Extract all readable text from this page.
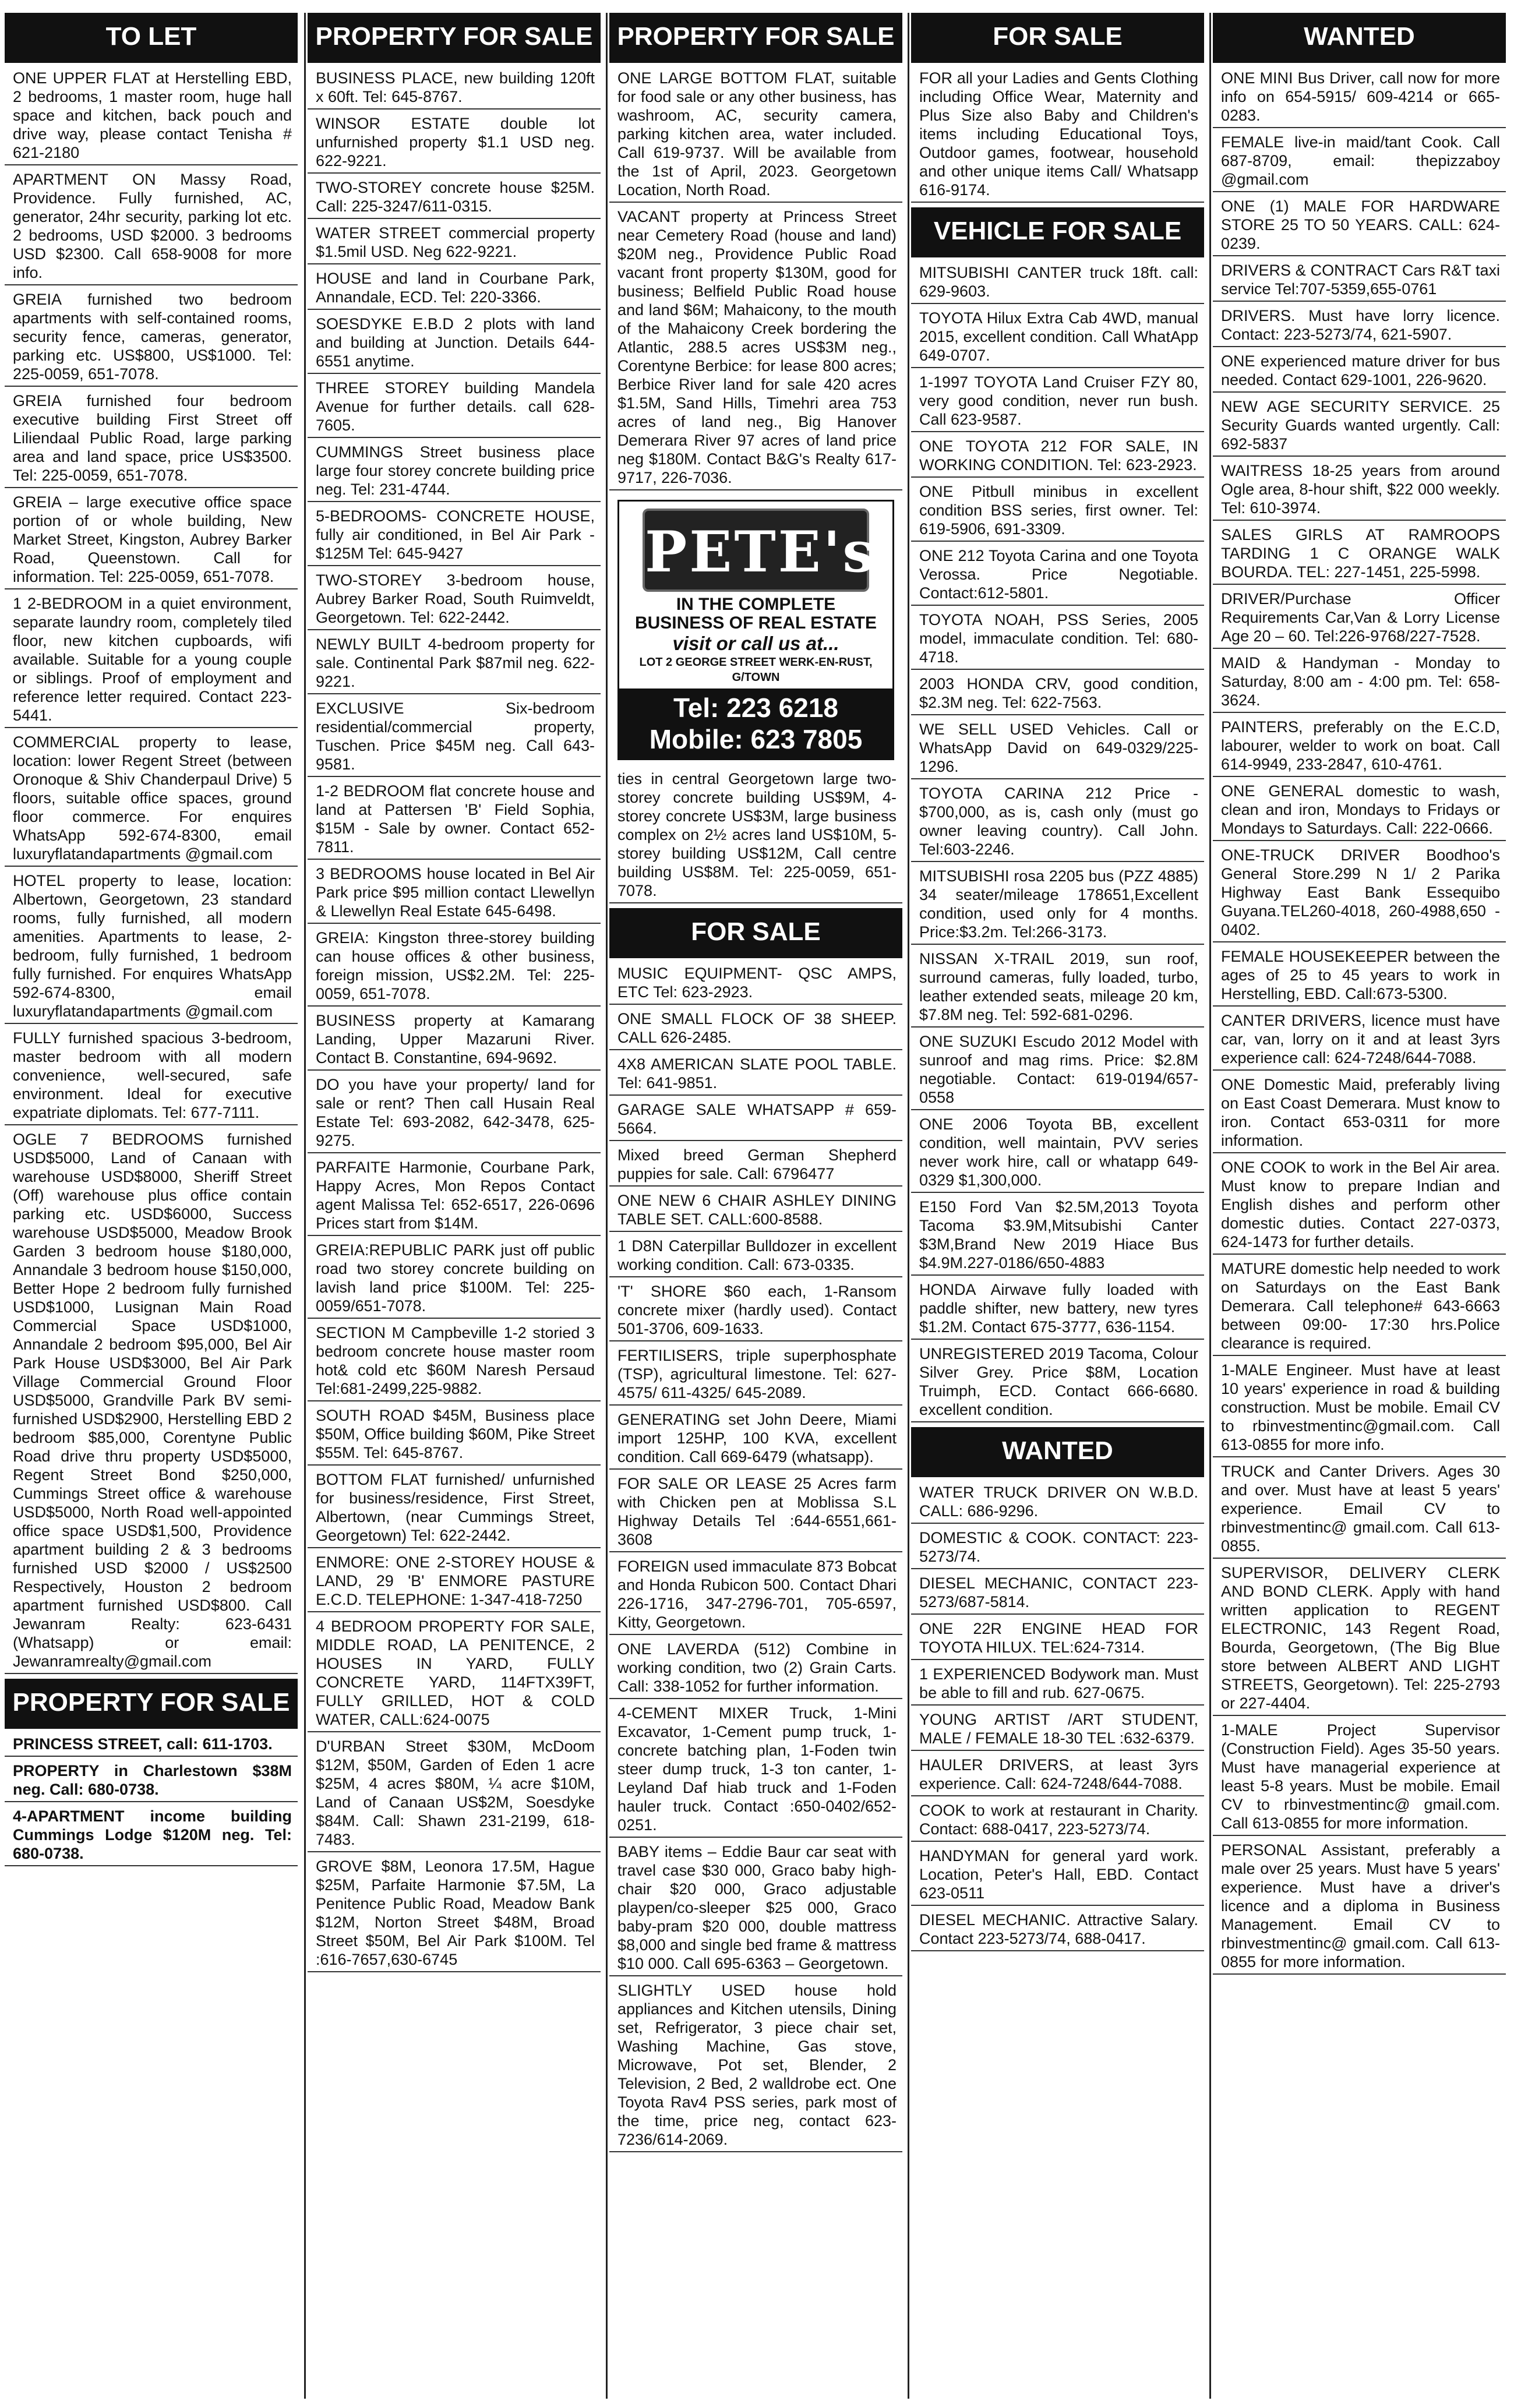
TO LET
ONE UPPER FLAT at Herstelling EBD, 2 bedrooms, 1 master room, huge hall space and kitchen, back pouch and drive way, please contact Tenisha # 621-2180
APARTMENT ON Massy Road, Providence. Fully furnished, AC, generator, 24hr security, parking lot etc. 2 bedrooms, USD $2000. 3 bedrooms USD $2300. Call 658-9008 for more info.
GREIA furnished two bedroom apartments with self-contained rooms, security fence, cameras, generator, parking etc. US$800, US$1000. Tel: 225-0059, 651-7078.
GREIA furnished four bedroom executive building First Street off Liliendaal Public Road, large parking area and land space, price US$3500. Tel: 225-0059, 651-7078.
GREIA – large executive office space portion of or whole building, New Market Street, Kingston, Aubrey Barker Road, Queenstown. Call for information. Tel: 225-0059, 651-7078.
1 2-BEDROOM in a quiet environment, separate laundry room, completely tiled floor, new kitchen cupboards, wifi available. Suitable for a young couple or siblings. Proof of employment and reference letter required. Contact 223-5441.
COMMERCIAL property to lease, location: lower Regent Street (between Oronoque & Shiv Chanderpaul Drive) 5 floors, suitable office spaces, ground floor commerce. For enquires WhatsApp 592-674-8300, email luxuryflatandapartments @gmail.com
HOTEL property to lease, location: Albertown, Georgetown, 23 standard rooms, fully furnished, all modern amenities. Apartments to lease, 2-bedroom, fully furnished, 1 bedroom fully furnished. For enquires WhatsApp 592-674-8300, email luxuryflatandapartments @gmail.com
FULLY furnished spacious 3-bedroom, master bedroom with all modern convenience, well-secured, safe environment. Ideal for executive expatriate diplomats. Tel: 677-7111.
OGLE 7 BEDROOMS furnished USD$5000, Land of Canaan with warehouse USD$8000, Sheriff Street (Off) warehouse plus office contain parking etc. USD$6000, Success warehouse USD$5000, Meadow Brook Garden 3 bedroom house $180,000, Annandale 3 bedroom house $150,000, Better Hope 2 bedroom fully furnished USD$1000, Lusignan Main Road Commercial Space USD$1000, Annandale 2 bedroom $95,000, Bel Air Park House USD$3000, Bel Air Park Village Commercial Ground Floor USD$5000, Grandville Park BV semi- furnished USD$2900, Herstelling EBD 2 bedroom $85,000, Corentyne Public Road drive thru property USD$5000, Regent Street Bond $250,000, Cummings Street office & warehouse USD$5000, North Road well-appointed office space USD$1,500, Providence apartment building 2 & 3 bedrooms furnished USD $2000 / US$2500 Respectively, Houston 2 bedroom apartment furnished USD$800. Call Jewanram Realty: 623-6431 (Whatsapp) or email: Jewanramrealty@gmail.com
PROPERTY FOR SALE
PRINCESS STREET, call: 611-1703.
PROPERTY in Charlestown $38M neg. Call: 680-0738.
4-APARTMENT income building Cummings Lodge $120M neg. Tel: 680-0738.
PROPERTY FOR SALE
BUSINESS PLACE, new building 120ft x 60ft. Tel: 645-8767.
WINSOR ESTATE double lot unfurnished property $1.1 USD neg. 622-9221.
TWO-STOREY concrete house $25M. Call: 225-3247/611-0315.
WATER STREET commercial property $1.5mil USD. Neg 622-9221.
HOUSE and land in Courbane Park, Annandale, ECD. Tel: 220-3366.
SOESDYKE E.B.D 2 plots with land and building at Junction. Details 644-6551 anytime.
THREE STOREY building Mandela Avenue for further details. call 628-7605.
CUMMINGS Street business place large four storey concrete building price neg. Tel: 231-4744.
5-BEDROOMS- CONCRETE HOUSE, fully air conditioned, in Bel Air Park - $125M Tel: 645-9427
TWO-STOREY 3-bedroom house, Aubrey Barker Road, South Ruimveldt, Georgetown. Tel: 622-2442.
NEWLY BUILT 4-bedroom property for sale. Continental Park $87mil neg. 622-9221.
EXCLUSIVE Six-bedroom residential/commercial property, Tuschen. Price $45M neg. Call 643-9581.
1-2 BEDROOM flat concrete house and land at Pattersen 'B' Field Sophia, $15M - Sale by owner. Contact 652-7811.
3 BEDROOMS house located in Bel Air Park price $95 million contact Llewellyn & Llewellyn Real Estate 645-6498.
GREIA: Kingston three-storey building can house offices & other business, foreign mission, US$2.2M. Tel: 225-0059, 651-7078.
BUSINESS property at Kamarang Landing, Upper Mazaruni River. Contact B. Constantine, 694-9692.
DO you have your property/ land for sale or rent? Then call Husain Real Estate Tel: 693-2082, 642-3478, 625-9275.
PARFAITE Harmonie, Courbane Park, Happy Acres, Mon Repos Contact agent Malissa Tel: 652-6517, 226-0696 Prices start from $14M.
GREIA:REPUBLIC PARK just off public road two storey concrete building on lavish land price $100M. Tel: 225-0059/651-7078.
SECTION M Campbeville 1-2 storied 3 bedroom concrete house master room hot& cold etc $60M Naresh Persaud Tel:681-2499,225-9882.
SOUTH ROAD $45M, Business place $50M, Office building $60M, Pike Street $55M. Tel: 645-8767.
BOTTOM FLAT furnished/ unfurnished for business/residence, First Street, Albertown, (near Cummings Street, Georgetown) Tel: 622-2442.
ENMORE: ONE 2-STOREY HOUSE & LAND, 29 'B' ENMORE PASTURE E.C.D. TELEPHONE: 1-347-418-7250
4 BEDROOM PROPERTY FOR SALE, MIDDLE ROAD, LA PENITENCE, 2 HOUSES IN YARD, FULLY CONCRETE YARD, 114FTX39FT, FULLY GRILLED, HOT & COLD WATER, CALL:624-0075
D'URBAN Street $30M, McDoom $12M, $50M, Garden of Eden 1 acre $25M, 4 acres $80M, ¼ acre $10M, Land of Canaan US$2M, Soesdyke $84M. Call: Shawn 231-2199, 618-7483.
GROVE $8M, Leonora 17.5M, Hague $25M, Parfaite Harmonie $7.5M, La Penitence Public Road, Meadow Bank $12M, Norton Street $48M, Broad Street $50M, Bel Air Park $100M. Tel :616-7657,630-6745
PROPERTY FOR SALE
ONE LARGE BOTTOM FLAT, suitable for food sale or any other business, has washroom, AC, security camera, parking kitchen area, water included. Call 619-9737. Will be available from the 1st of April, 2023. Georgetown Location, North Road.
VACANT property at Princess Street near Cemetery Road (house and land) $20M neg., Providence Public Road vacant front property $130M, good for business; Belfield Public Road house and land $6M; Mahaicony, to the mouth of the Mahaicony Creek bordering the Atlantic, 288.5 acres US$3M neg., Corentyne Berbice: for lease 800 acres; Berbice River land for sale 420 acres $1.5M, Sand Hills, Timehri area 753 acres of land neg., Big Hanover Demerara River 97 acres of land price neg $180M. Contact B&G's Realty 617-9717, 226-7036.
PETE's
IN THE COMPLETE
BUSINESS OF REAL ESTATE
visit or call us at...
LOT 2 GEORGE STREET WERK-EN-RUST, G/TOWN
Tel: 223 6218
Mobile: 623 7805
ties in central Georgetown large two-storey concrete building US$9M, 4-storey concrete US$3M, large business complex on 2½ acres land US$10M, 5-storey building US$12M, Call centre building US$8M. Tel: 225-0059, 651-7078.
FOR SALE
MUSIC EQUIPMENT- QSC AMPS, ETC Tel: 623-2923.
ONE SMALL FLOCK OF 38 SHEEP. CALL 626-2485.
4X8 AMERICAN SLATE POOL TABLE. Tel: 641-9851.
GARAGE SALE WHATSAPP # 659-5664.
Mixed breed German Shepherd puppies for sale. Call: 6796477
ONE NEW 6 CHAIR ASHLEY DINING TABLE SET. CALL:600-8588.
1 D8N Caterpillar Bulldozer in excellent working condition. Call: 673-0335.
'T' SHORE $60 each, 1-Ransom concrete mixer (hardly used). Contact 501-3706, 609-1633.
FERTILISERS, triple superphosphate (TSP), agricultural limestone. Tel: 627-4575/ 611-4325/ 645-2089.
GENERATING set John Deere, Miami import 125HP, 100 KVA, excellent condition. Call 669-6479 (whatsapp).
FOR SALE OR LEASE 25 Acres farm with Chicken pen at Moblissa S.L Highway Details Tel :644-6551,661-3608
FOREIGN used immaculate 873 Bobcat and Honda Rubicon 500. Contact Dhari 226-1716, 347-2796-701, 705-6597, Kitty, Georgetown.
ONE LAVERDA (512) Combine in working condition, two (2) Grain Carts. Call: 338-1052 for further information.
4-CEMENT MIXER Truck, 1-Mini Excavator, 1-Cement pump truck, 1-concrete batching plan, 1-Foden twin steer dump truck, 1-3 ton canter, 1-Leyland Daf hiab truck and 1-Foden hauler truck. Contact :650-0402/652-0251.
BABY items – Eddie Baur car seat with travel case $30 000, Graco baby high-chair $20 000, Graco adjustable playpen/co-sleeper $25 000, Graco baby-pram $20 000, double mattress $8,000 and single bed frame & mattress $10 000. Call 695-6363 – Georgetown.
SLIGHTLY USED house hold appliances and Kitchen utensils, Dining set, Refrigerator, 3 piece chair set, Washing Machine, Gas stove, Microwave, Pot set, Blender, 2 Television, 2 Bed, 2 walldrobe ect. One Toyota Rav4 PSS series, park most of the time, price neg, contact 623-7236/614-2069.
FOR SALE
FOR all your Ladies and Gents Clothing including Office Wear, Maternity and Plus Size also Baby and Children's items including Educational Toys, Outdoor games, footwear, household and other unique items Call/ Whatsapp 616-9174.
VEHICLE FOR SALE
MITSUBISHI CANTER truck 18ft. call: 629-9603.
TOYOTA Hilux Extra Cab 4WD, manual 2015, excellent condition. Call WhatApp 649-0707.
1-1997 TOYOTA Land Cruiser FZY 80, very good condition, never run bush. Call 623-9587.
ONE TOYOTA 212 FOR SALE, IN WORKING CONDITION. Tel: 623-2923.
ONE Pitbull minibus in excellent condition BSS series, first owner. Tel: 619-5906, 691-3309.
ONE 212 Toyota Carina and one Toyota Verossa. Price Negotiable. Contact:612-5801.
TOYOTA NOAH, PSS Series, 2005 model, immaculate condition. Tel: 680-4718.
2003 HONDA CRV, good condition, $2.3M neg. Tel: 622-7563.
WE SELL USED Vehicles. Call or WhatsApp David on 649-0329/225-1296.
TOYOTA CARINA 212 Price - $700,000, as is, cash only (must go owner leaving country). Call John. Tel:603-2246.
MITSUBISHI rosa 2205 bus (PZZ 4885) 34 seater/mileage 178651,Excellent condition, used only for 4 months. Price:$3.2m. Tel:266-3173.
NISSAN X-TRAIL 2019, sun roof, surround cameras, fully loaded, turbo, leather extended seats, mileage 20 km, $7.8M neg. Tel: 592-681-0296.
ONE SUZUKI Escudo 2012 Model with sunroof and mag rims. Price: $2.8M negotiable. Contact: 619-0194/657-0558
ONE 2006 Toyota BB, excellent condition, well maintain, PVV series never work hire, call or whatapp 649-0329 $1,300,000.
E150 Ford Van $2.5M,2013 Toyota Tacoma $3.9M,Mitsubishi Canter $3M,Brand New 2019 Hiace Bus $4.9M.227-0186/650-4883
HONDA Airwave fully loaded with paddle shifter, new battery, new tyres $1.2M. Contact 675-3777, 636-1154.
UNREGISTERED 2019 Tacoma, Colour Silver Grey. Price $8M, Location Truimph, ECD. Contact 666-6680. excellent condition.
WANTED
WATER TRUCK DRIVER ON W.B.D. CALL: 686-9296.
DOMESTIC & COOK. CONTACT: 223-5273/74.
DIESEL MECHANIC, CONTACT 223-5273/687-5814.
ONE 22R ENGINE HEAD FOR TOYOTA HILUX. TEL:624-7314.
1 EXPERIENCED Bodywork man. Must be able to fill and rub. 627-0675.
YOUNG ARTIST /ART STUDENT, MALE / FEMALE 18-30 TEL :632-6379.
HAULER DRIVERS, at least 3yrs experience. Call: 624-7248/644-7088.
COOK to work at restaurant in Charity. Contact: 688-0417, 223-5273/74.
HANDYMAN for general yard work. Location, Peter's Hall, EBD. Contact 623-0511
DIESEL MECHANIC. Attractive Salary. Contact 223-5273/74, 688-0417.
WANTED
ONE MINI Bus Driver, call now for more info on 654-5915/ 609-4214 or 665-0283.
FEMALE live-in maid/tant Cook. Call 687-8709, email: thepizzaboy @gmail.com
ONE (1) MALE FOR HARDWARE STORE 25 TO 50 YEARS. CALL: 624-0239.
DRIVERS & CONTRACT Cars R&T taxi service Tel:707-5359,655-0761
DRIVERS. Must have lorry licence. Contact: 223-5273/74, 621-5907.
ONE experienced mature driver for bus needed. Contact 629-1001, 226-9620.
NEW AGE SECURITY SERVICE. 25 Security Guards wanted urgently. Call: 692-5837
WAITRESS 18-25 years from around Ogle area, 8-hour shift, $22 000 weekly. Tel: 610-3974.
SALES GIRLS AT RAMROOPS TARDING 1 C ORANGE WALK BOURDA. TEL: 227-1451, 225-5998.
DRIVER/Purchase Officer Requirements Car,Van & Lorry License Age 20 – 60. Tel:226-9768/227-7528.
MAID & Handyman - Monday to Saturday, 8:00 am - 4:00 pm. Tel: 658-3624.
PAINTERS, preferably on the E.C.D, labourer, welder to work on boat. Call 614-9949, 233-2847, 610-4761.
ONE GENERAL domestic to wash, clean and iron, Mondays to Fridays or Mondays to Saturdays. Call: 222-0666.
ONE-TRUCK DRIVER Boodhoo's General Store.299 N 1/ 2 Parika Highway East Bank Essequibo Guyana.TEL260-4018, 260-4988,650 - 0402.
FEMALE HOUSEKEEPER between the ages of 25 to 45 years to work in Herstelling, EBD. Call:673-5300.
CANTER DRIVERS, licence must have car, van, lorry on it and at least 3yrs experience call: 624-7248/644-7088.
ONE Domestic Maid, preferably living on East Coast Demerara. Must know to iron. Contact 653-0311 for more information.
ONE COOK to work in the Bel Air area. Must know to prepare Indian and English dishes and perform other domestic duties. Contact 227-0373, 624-1473 for further details.
MATURE domestic help needed to work on Saturdays on the East Bank Demerara. Call telephone# 643-6663 between 09:00- 17:30 hrs.Police clearance is required.
1-MALE Engineer. Must have at least 10 years' experience in road & building construction. Must be mobile. Email CV to rbinvestmentinc@gmail.com. Call 613-0855 for more info.
TRUCK and Canter Drivers. Ages 30 and over. Must have at least 5 years' experience. Email CV to rbinvestmentinc@ gmail.com. Call 613-0855.
SUPERVISOR, DELIVERY CLERK AND BOND CLERK. Apply with hand written application to REGENT ELECTRONIC, 143 Regent Road, Bourda, Georgetown, (The Big Blue store between ALBERT AND LIGHT STREETS, Georgetown). Tel: 225-2793 or 227-4404.
1-MALE Project Supervisor (Construction Field). Ages 35-50 years. Must have managerial experience at least 5-8 years. Must be mobile. Email CV to rbinvestmentinc@ gmail.com. Call 613-0855 for more information.
PERSONAL Assistant, preferably a male over 25 years. Must have 5 years' experience. Must have a driver's licence and a diploma in Business Management. Email CV to rbinvestmentinc@ gmail.com. Call 613-0855 for more information.
